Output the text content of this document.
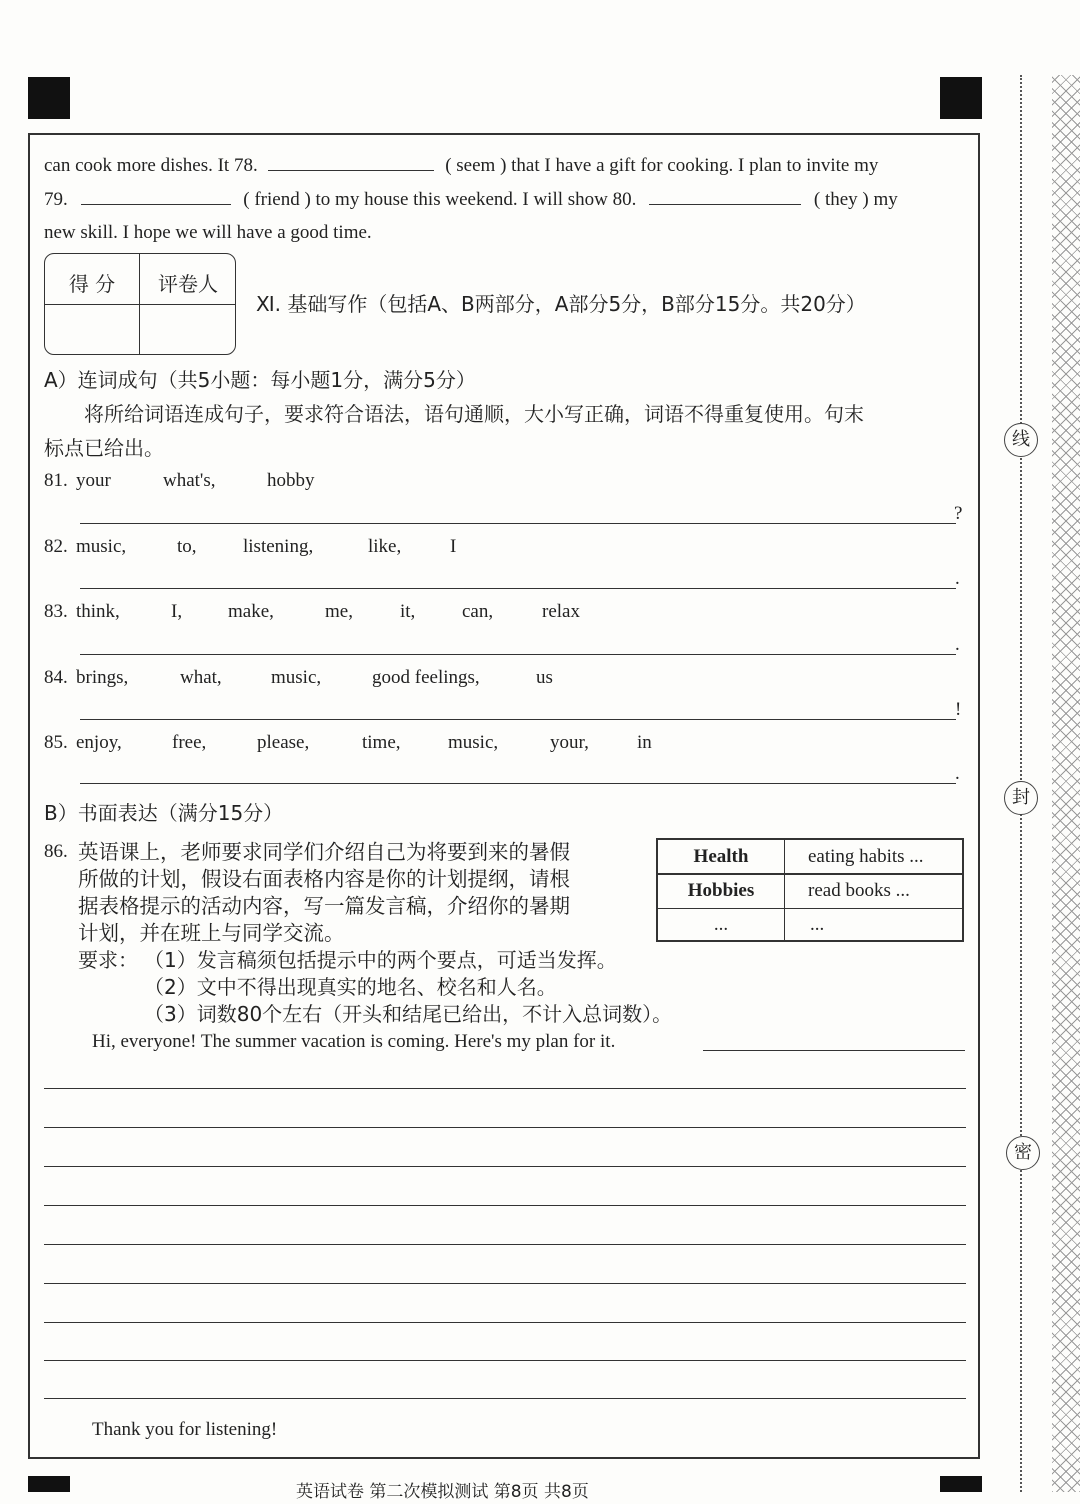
线
封
密
can cook more dishes. It 78.	( seem ) that I have a gift for cooking. I plan to invite my
79.	( friend ) to my house this weekend. I will show 80.	( they ) my
new skill. I hope we will have a good time.
得 分	评卷人
Ⅺ. 基础写作（包括A、B两部分，A部分5分，B部分15分。共20分）
A）连词成句（共5小题：每小题1分，满分5分）
将所给词语连成句子，要求符合语法，语句通顺，大小写正确，词语不得重复使用。句末
标点已给出。
81. your	what's,	hobby
?
82. music,	to, listening,	like,	I
.
83. think,	I, make,	me, it, can,	relax
.
84. brings,	what,	music,	good feelings,	us
!
85. enjoy,	free,	please,	time, music,	your,	in
.
B）书面表达（满分15分）
86. 英语课上，老师要求同学们介绍自己为将要到来的暑假
所做的计划，假设右面表格内容是你的计划提纲，请根
据表格提示的活动内容，写一篇发言稿，介绍你的暑期
计划，并在班上与同学交流。
要求： （1）发言稿须包括提示中的两个要点，可适当发挥。
（2）文中不得出现真实的地名、校名和人名。
（3）词数80个左右（开头和结尾已给出，不计入总词数）。
Health	eating habits ...
Hobbies	read books ...
...	...
Hi, everyone! The summer vacation is coming. Here's my plan for it.
Thank you for listening!
英语试卷 第二次模拟测试 第8页 共8页
